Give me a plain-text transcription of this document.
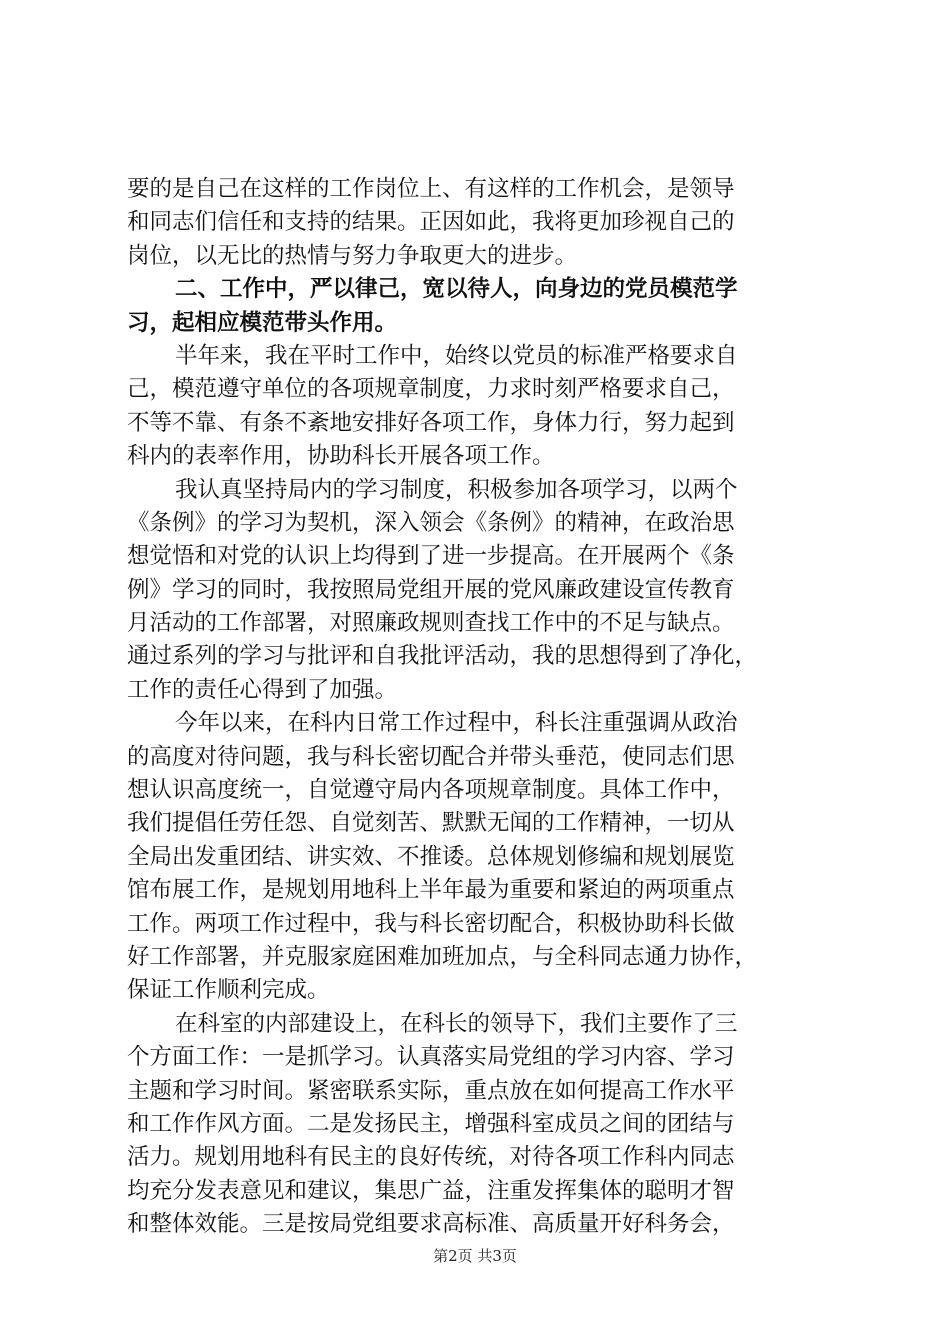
要的是自己在这样的工作岗位上、有这样的工作机会，是领导
和同志们信任和支持的结果。正因如此，我将更加珍视自己的
岗位，以无比的热情与努力争取更大的进步。
二、工作中，严以律己，宽以待人，向身边的党员模范学
习，起相应模范带头作用。
半年来，我在平时工作中，始终以党员的标准严格要求自
己，模范遵守单位的各项规章制度，力求时刻严格要求自己，
不等不靠、有条不紊地安排好各项工作，身体力行，努力起到
科内的表率作用，协助科长开展各项工作。
我认真坚持局内的学习制度，积极参加各项学习，以两个
《条例》的学习为契机，深入领会《条例》的精神，在政治思
想觉悟和对党的认识上均得到了进一步提高。在开展两个《条
例》学习的同时，我按照局党组开展的党风廉政建设宣传教育
月活动的工作部署，对照廉政规则查找工作中的不足与缺点。
通过系列的学习与批评和自我批评活动，我的思想得到了净化，
工作的责任心得到了加强。
今年以来，在科内日常工作过程中，科长注重强调从政治
的高度对待问题，我与科长密切配合并带头垂范，使同志们思
想认识高度统一，自觉遵守局内各项规章制度。具体工作中，
我们提倡任劳任怨、自觉刻苦、默默无闻的工作精神，一切从
全局出发重团结、讲实效、不推诿。总体规划修编和规划展览
馆布展工作，是规划用地科上半年最为重要和紧迫的两项重点
工作。两项工作过程中，我与科长密切配合，积极协助科长做
好工作部署，并克服家庭困难加班加点，与全科同志通力协作，
保证工作顺利完成。
在科室的内部建设上，在科长的领导下，我们主要作了三
个方面工作：一是抓学习。认真落实局党组的学习内容、学习
主题和学习时间。紧密联系实际，重点放在如何提高工作水平
和工作作风方面。二是发扬民主，增强科室成员之间的团结与
活力。规划用地科有民主的良好传统，对待各项工作科内同志
均充分发表意见和建议，集思广益，注重发挥集体的聪明才智
和整体效能。三是按局党组要求高标准、高质量开好科务会，
第2页 共3页
